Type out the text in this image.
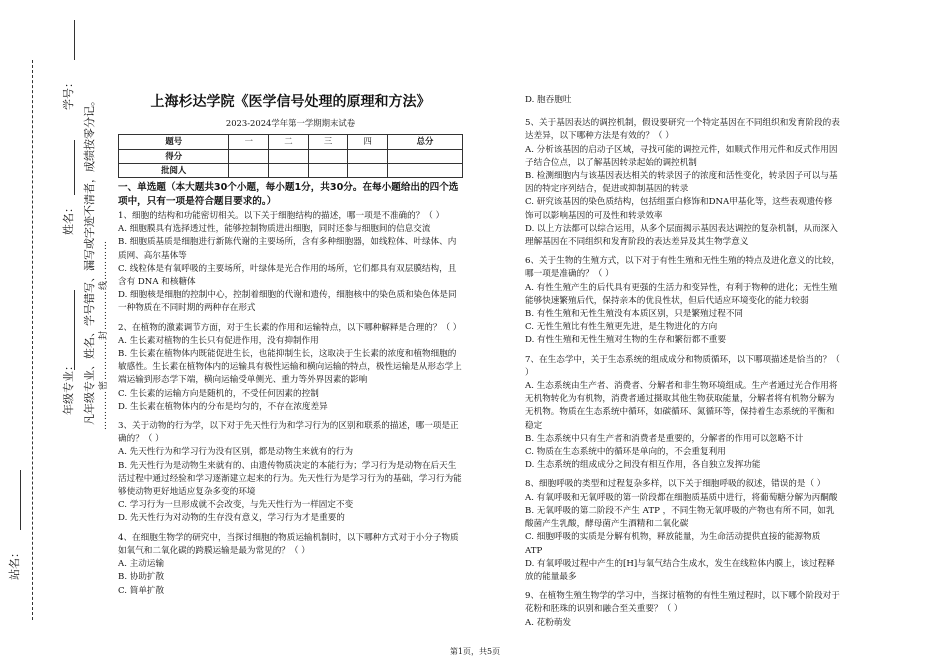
学号：
姓名：
年级专业：
站名：
凡年级专业、姓名、学号错写、漏写或字迹不清者，成绩按零分记。 …………密…………封…………线…………
上海杉达学院《医学信号处理的原理和方法》
2023-2024学年第一学期期末试卷
题号	一	二	三	四	总分
得分					
批阅人					
一、单选题（本大题共30个小题，每小题1分，共30分。在每小题给出的四个选项中，只有一项是符合题目要求的。）

1、细胞的结构和功能密切相关。以下关于细胞结构的描述，哪一项是不准确的？（ ）

A. 细胞膜具有选择透过性，能够控制物质进出细胞，同时还参与细胞间的信息交流

B. 细胞质基质是细胞进行新陈代谢的主要场所，含有多种细胞器，如线粒体、叶绿体、内质网、高尔基体等

C. 线粒体是有氧呼吸的主要场所，叶绿体是光合作用的场所，它们都具有双层膜结构，且含有 DNA 和核糖体

D. 细胞核是细胞的控制中心，控制着细胞的代谢和遗传，细胞核中的染色质和染色体是同一种物质在不同时期的两种存在形式

2、在植物的激素调节方面，对于生长素的作用和运输特点，以下哪种解释是合理的？（ ）

A. 生长素对植物的生长只有促进作用，没有抑制作用

B. 生长素在植物体内既能促进生长，也能抑制生长，这取决于生长素的浓度和植物细胞的敏感性。生长素在植物体内的运输具有极性运输和横向运输的特点，极性运输是从形态学上端运输到形态学下端，横向运输受单侧光、重力等外界因素的影响

C. 生长素的运输方向是随机的，不受任何因素的控制

D. 生长素在植物体内的分布是均匀的，不存在浓度差异

3、关于动物的行为学，以下对于先天性行为和学习行为的区别和联系的描述，哪一项是正确的？（ ）

A. 先天性行为和学习行为没有区别，都是动物生来就有的行为

B. 先天性行为是动物生来就有的、由遗传物质决定的本能行为；学习行为是动物在后天生活过程中通过经验和学习逐渐建立起来的行为。先天性行为是学习行为的基础，学习行为能够使动物更好地适应复杂多变的环境

C. 学习行为一旦形成就不会改变，与先天性行为一样固定不变

D. 先天性行为对动物的生存没有意义，学习行为才是重要的

4、在细胞生物学的研究中，当探讨细胞的物质运输机制时，以下哪种方式对于小分子物质如氧气和二氧化碳的跨膜运输是最为常见的？（ ）

A. 主动运输

B. 协助扩散

C. 简单扩散

D. 胞吞胞吐

5、关于基因表达的调控机制，假设要研究一个特定基因在不同组织和发育阶段的表达差异，以下哪种方法是有效的？（ ）

A. 分析该基因的启动子区域，寻找可能的调控元件，如顺式作用元件和反式作用因子结合位点，以了解基因转录起始的调控机制

B. 检测细胞内与该基因表达相关的转录因子的浓度和活性变化，转录因子可以与基因的特定序列结合，促进或抑制基因的转录

C. 研究该基因的染色质结构，包括组蛋白修饰和DNA甲基化等，这些表观遗传修饰可以影响基因的可及性和转录效率

D. 以上方法都可以综合运用，从多个层面揭示基因表达调控的复杂机制，从而深入理解基因在不同组织和发育阶段的表达差异及其生物学意义

6、关于生物的生殖方式，以下对于有性生殖和无性生殖的特点及进化意义的比较，哪一项是准确的？（ ）

A. 有性生殖产生的后代具有更强的生活力和变异性，有利于物种的进化；无性生殖能够快速繁殖后代，保持亲本的优良性状，但后代适应环境变化的能力较弱

B. 有性生殖和无性生殖没有本质区别，只是繁殖过程不同

C. 无性生殖比有性生殖更先进，是生物进化的方向

D. 有性生殖和无性生殖对生物的生存和繁衍都不重要

7、在生态学中，关于生态系统的组成成分和物质循环，以下哪项描述是恰当的？（ ）

A. 生态系统由生产者、消费者、分解者和非生物环境组成。生产者通过光合作用将无机物转化为有机物，消费者通过摄取其他生物获取能量，分解者将有机物分解为无机物。物质在生态系统中循环，如碳循环、氮循环等，保持着生态系统的平衡和稳定

B. 生态系统中只有生产者和消费者是重要的，分解者的作用可以忽略不计

C. 物质在生态系统中的循环是单向的，不会重复利用

D. 生态系统的组成成分之间没有相互作用，各自独立发挥功能

8、细胞呼吸的类型和过程复杂多样，以下关于细胞呼吸的叙述，错误的是（ ）

A. 有氧呼吸和无氧呼吸的第一阶段都在细胞质基质中进行，将葡萄糖分解为丙酮酸

B. 无氧呼吸的第二阶段不产生 ATP ，不同生物无氧呼吸的产物也有所不同，如乳酸菌产生乳酸，酵母菌产生酒精和二氧化碳

C. 细胞呼吸的实质是分解有机物，释放能量，为生命活动提供直接的能源物质 ATP

D. 有氧呼吸过程中产生的[H]与氧气结合生成水，发生在线粒体内膜上，该过程释放的能量最多

9、在植物生殖生物学的学习中，当探讨植物的有性生殖过程时，以下哪个阶段对于花粉和胚珠的识别和融合至关重要？（ ）

A. 花粉萌发

第1页，共5页
